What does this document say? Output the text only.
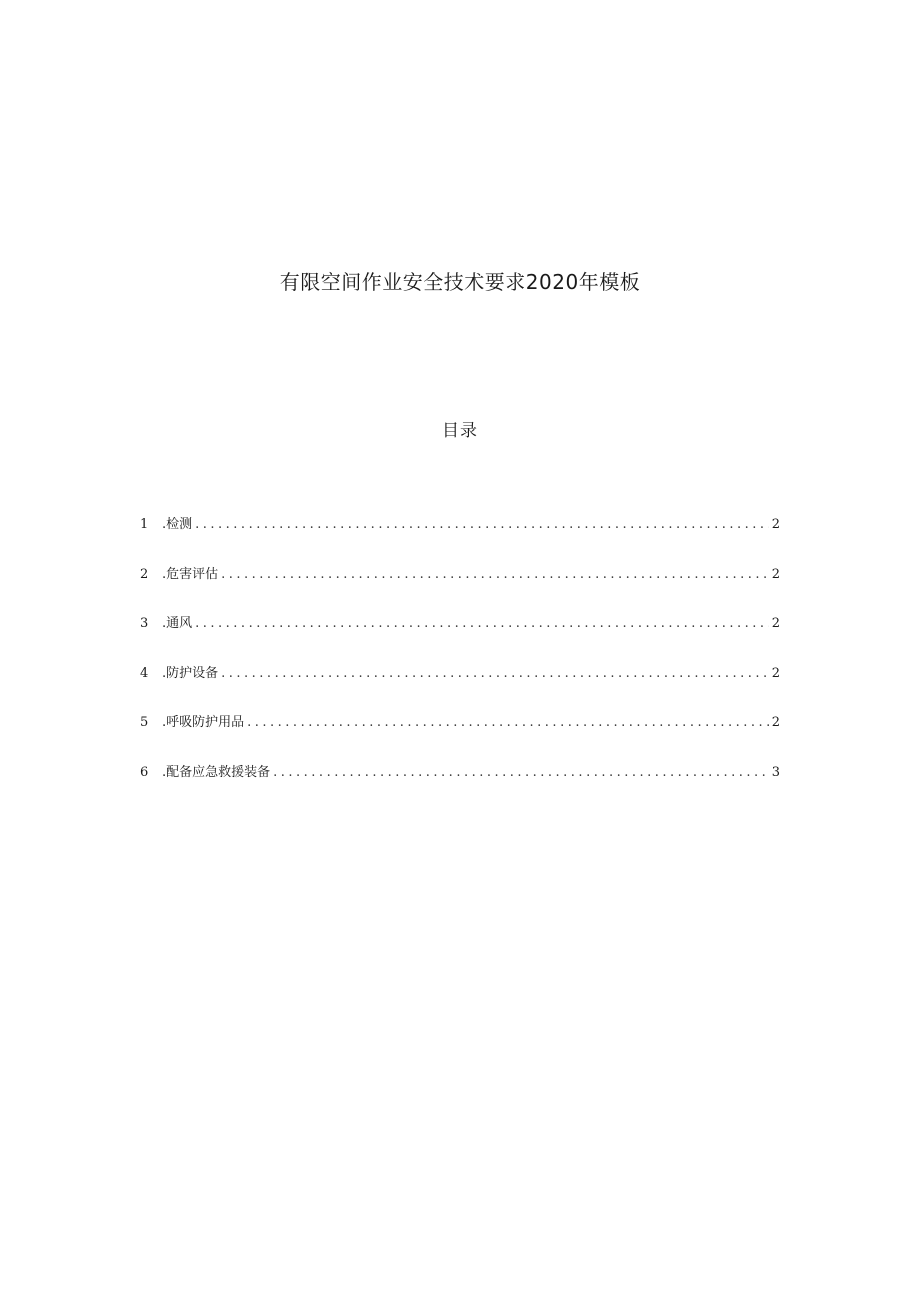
有限空间作业安全技术要求2020年模板
目录
1	.检测 .....	2
2	.危害评估 .....	2
3	.通风 .....	2
4	.防护设备 .....	2
5	.呼吸防护用品 .....	2
6	.配备应急救援装备 .....	3
